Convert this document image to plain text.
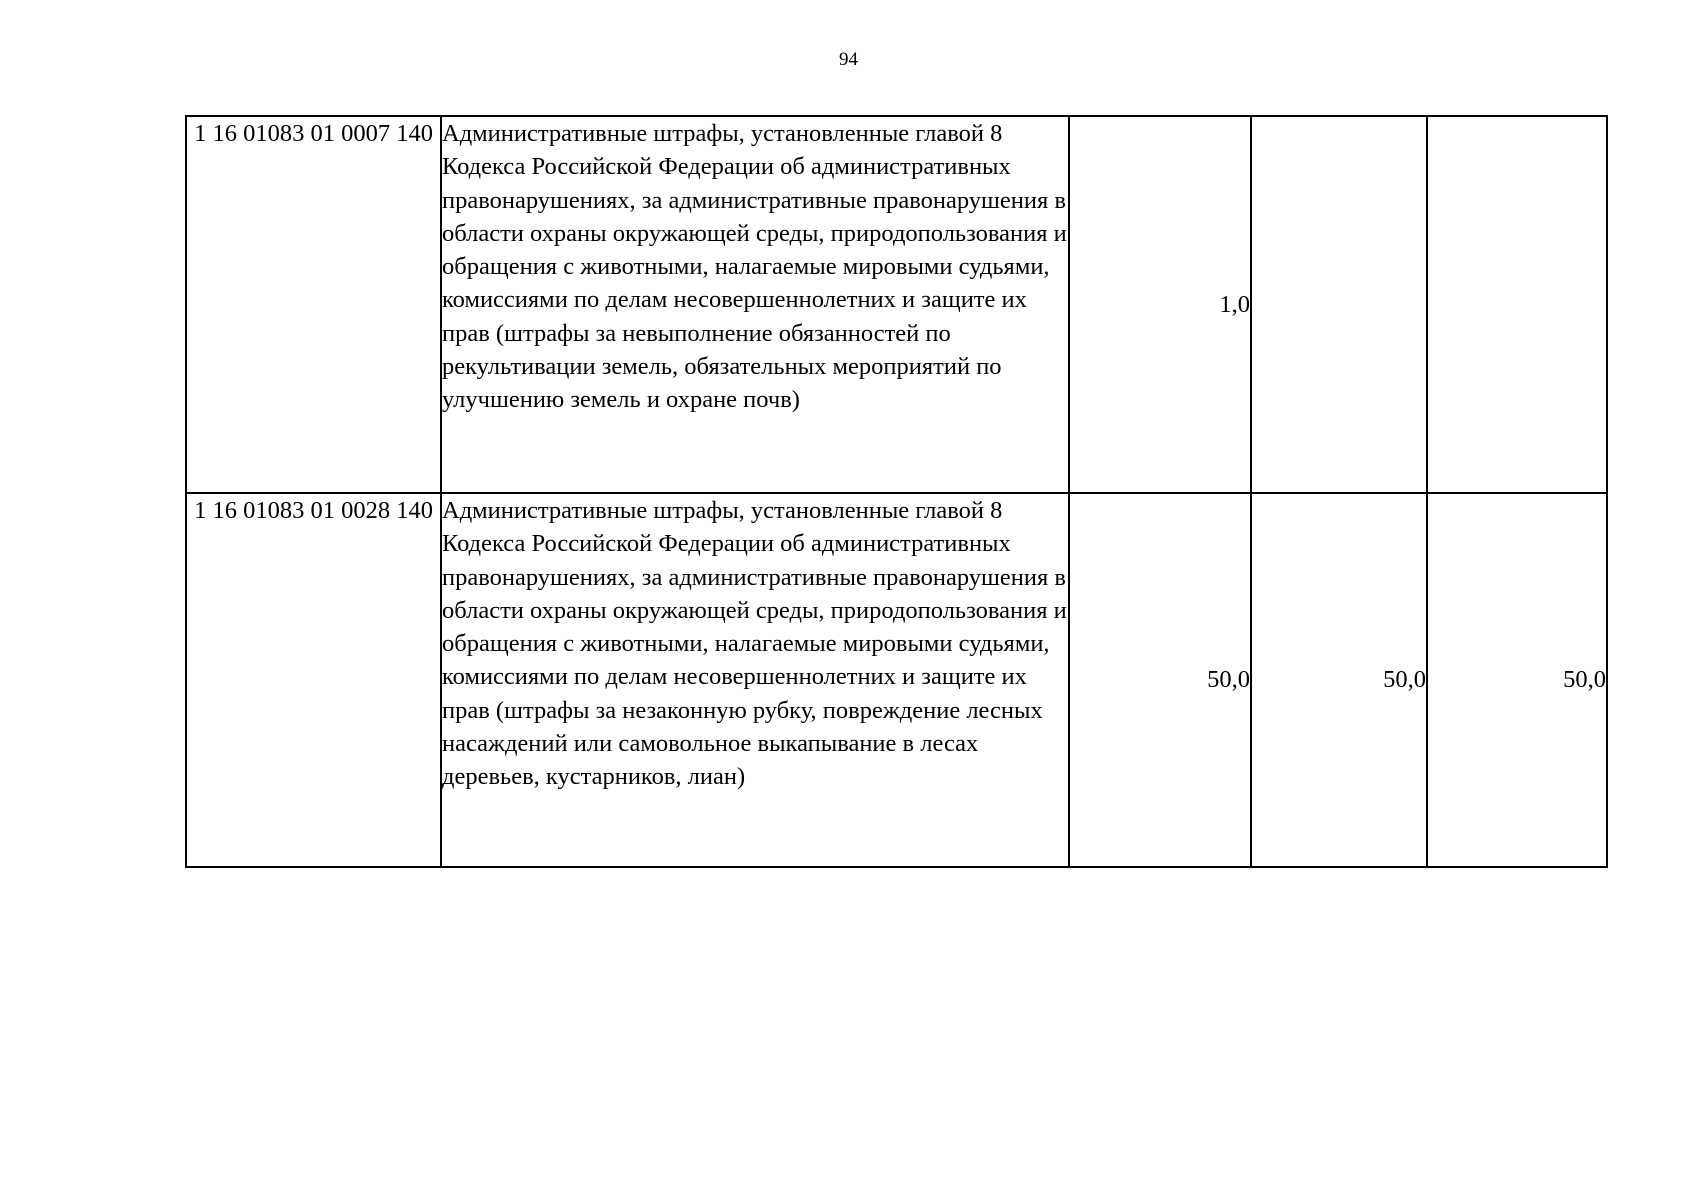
94
1 16 01083 01 0007 140	Административные штрафы, установленные главой 8 Кодекса Российской Федерации об административных правонарушениях, за административные правонарушения в области охраны окружающей среды, природопользования и обращения с животными, налагаемые мировыми судьями, комиссиями по делам несовершеннолетних и защите их прав (штрафы за невыполнение обязанностей по рекультивации земель, обязательных мероприятий по улучшению земель и охране почв)	1,0		
1 16 01083 01 0028 140	Административные штрафы, установленные главой 8 Кодекса Российской Федерации об административных правонарушениях, за административные правонарушения в области охраны окружающей среды, природопользования и обращения с животными, налагаемые мировыми судьями, комиссиями по делам несовершеннолетних и защите их прав (штрафы за незаконную рубку, повреждение лесных насаждений или самовольное выкапывание в лесах деревьев, кустарников, лиан)	50,0	50,0	50,0
